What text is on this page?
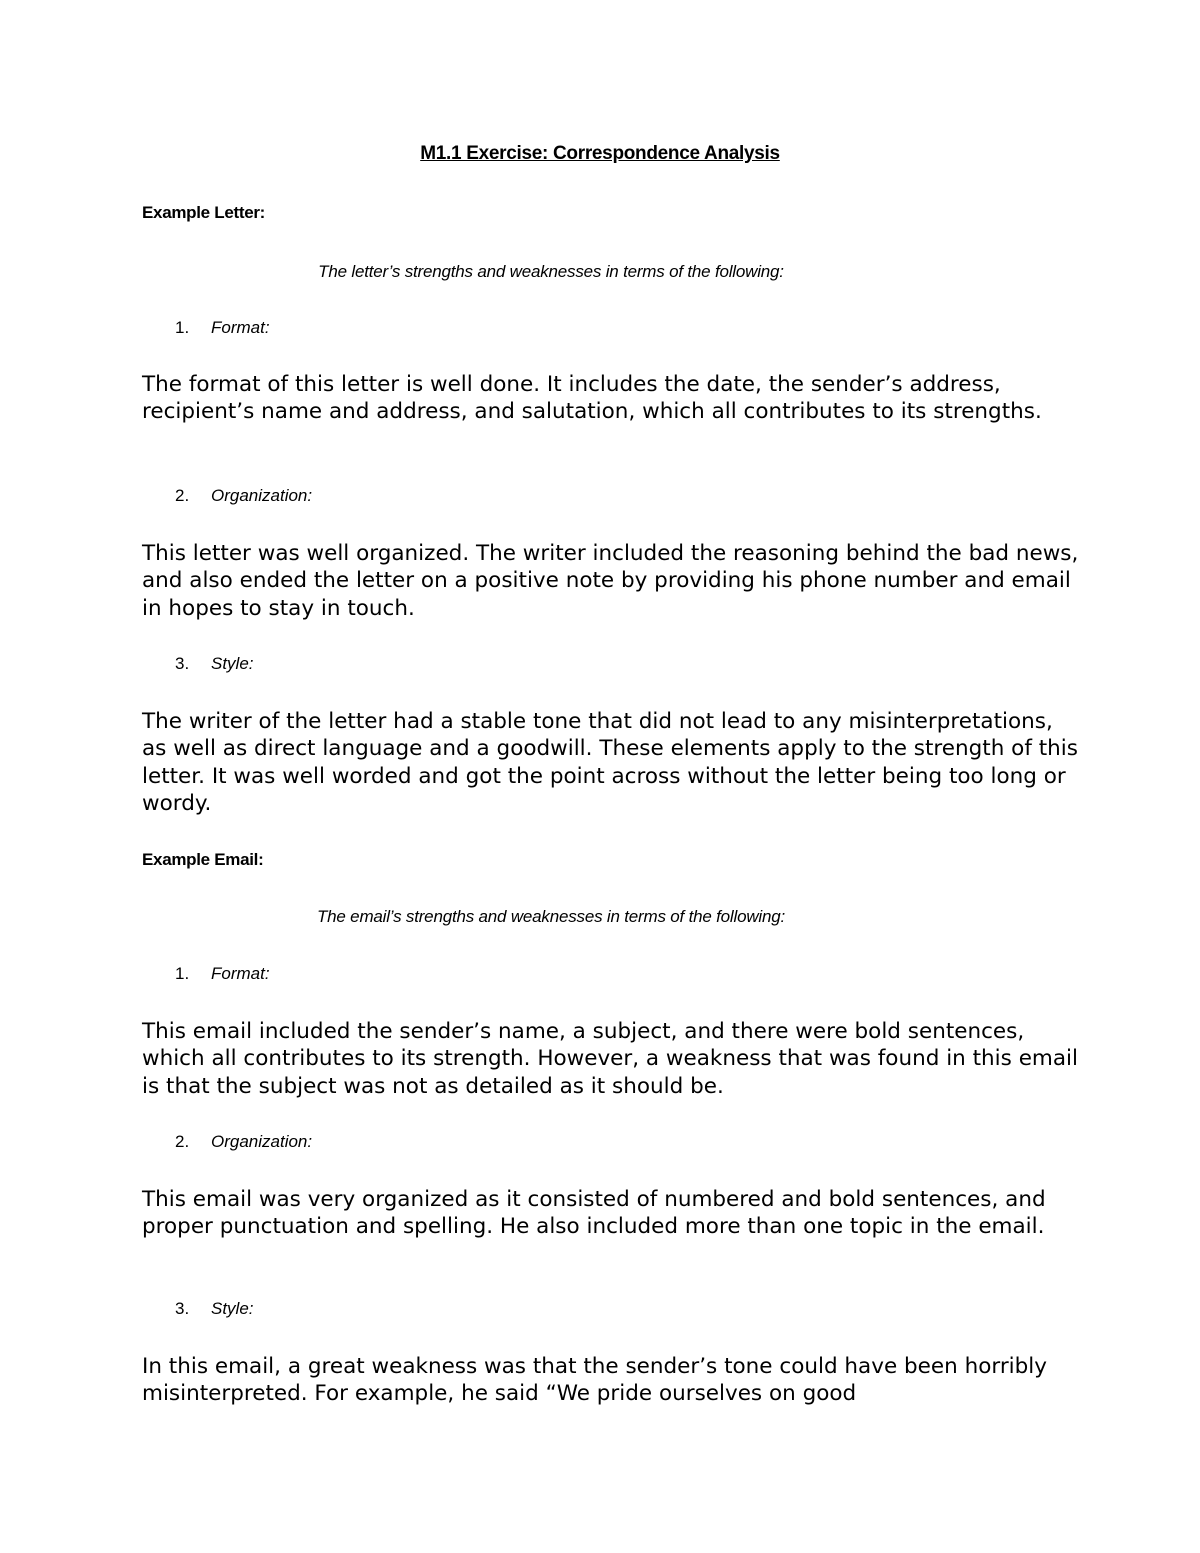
M1.1 Exercise: Correspondence Analysis
Example Letter:
The letter’s strengths and weaknesses in terms of the following:
1. Format:
The format of this letter is well done. It includes the date, the sender’s address, recipient’s name and address, and salutation, which all contributes to its strengths.
2. Organization:
This letter was well organized. The writer included the reasoning behind the bad news, and also ended the letter on a positive note by providing his phone number and email in hopes to stay in touch.
3. Style:
The writer of the letter had a stable tone that did not lead to any misinterpretations, as well as direct language and a goodwill. These elements apply to the strength of this letter. It was well worded and got the point across without the letter being too long or wordy.
Example Email:
The email’s strengths and weaknesses in terms of the following:
1. Format:
This email included the sender’s name, a subject, and there were bold sentences, which all contributes to its strength. However, a weakness that was found in this email is that the subject was not as detailed as it should be.
2. Organization:
This email was very organized as it consisted of numbered and bold sentences, and proper punctuation and spelling. He also included more than one topic in the email.
3. Style:
In this email, a great weakness was that the sender’s tone could have been horribly misinterpreted. For example, he said “We pride ourselves on good
